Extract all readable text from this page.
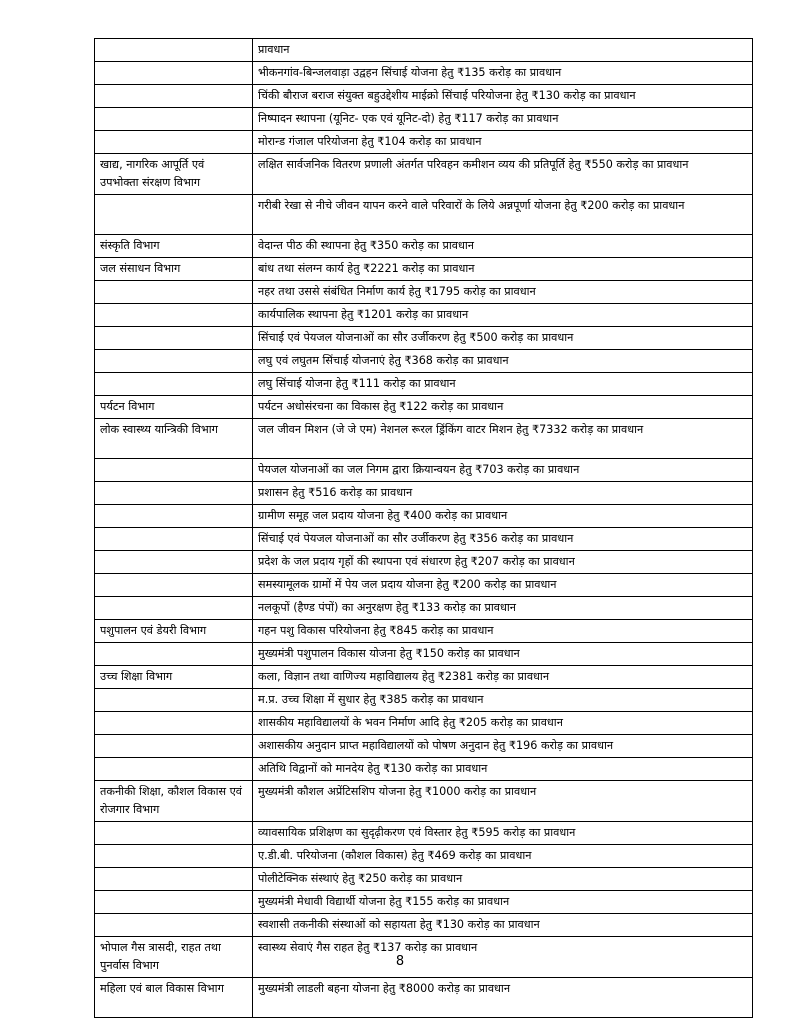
	प्रावधान
	भीकनगांव-बिन्जलवाड़ा उद्वहन सिंचाई योजना हेतु ₹135 करोड़ का प्रावधान
	चिंकी बौराज बराज संयुक्त बहुउद्देशीय माईक्रो सिंचाई परियोजना हेतु ₹130 करोड़ का प्रावधान
	निष्पादन स्थापना (यूनिट- एक एवं यूनिट-दो) हेतु ₹117 करोड़ का प्रावधान
	मोरान्ड गंजाल परियोजना हेतु ₹104 करोड़ का प्रावधान
खाद्य, नागरिक आपूर्ति एवं उपभोक्ता संरक्षण विभाग	लक्षित सार्वजनिक वितरण प्रणाली अंतर्गत परिवहन कमीशन व्यय की प्रतिपूर्ति हेतु ₹550 करोड़ का प्रावधान
	गरीबी रेखा से नीचे जीवन यापन करने वाले परिवारों के लिये अन्नपूर्णा योजना हेतु ₹200 करोड़ का प्रावधान
संस्कृति विभाग	वेदान्त पीठ की स्थापना हेतु ₹350 करोड़ का प्रावधान
जल संसाधन विभाग	बांध तथा संलग्न कार्य हेतु ₹2221 करोड़ का प्रावधान
	नहर तथा उससे संबंधित निर्माण कार्य हेतु ₹1795 करोड़ का प्रावधान
	कार्यपालिक स्थापना हेतु ₹1201 करोड़ का प्रावधान
	सिंचाई एवं पेयजल योजनाओं का सौर उर्जीकरण हेतु ₹500 करोड़ का प्रावधान
	लघु एवं लघुतम सिंचाई योजनाएं हेतु ₹368 करोड़ का प्रावधान
	लघु सिंचाई योजना हेतु ₹111 करोड़ का प्रावधान
पर्यटन विभाग	पर्यटन अधोसंरचना का विकास हेतु ₹122 करोड़ का प्रावधान
लोक स्वास्थ्य यान्त्रिकी विभाग	जल जीवन मिशन (जे जे एम) नेशनल रूरल ड्रिंकिंग वाटर मिशन हेतु ₹7332 करोड़ का प्रावधान
	पेयजल योजनाओं का जल निगम द्वारा क्रियान्वयन हेतु ₹703 करोड़ का प्रावधान
	प्रशासन हेतु ₹516 करोड़ का प्रावधान
	ग्रामीण समूह जल प्रदाय योजना हेतु ₹400 करोड़ का प्रावधान
	सिंचाई एवं पेयजल योजनाओं का सौर उर्जीकरण हेतु ₹356 करोड़ का प्रावधान
	प्रदेश के जल प्रदाय गृहों की स्थापना एवं संधारण हेतु ₹207 करोड़ का प्रावधान
	समस्यामूलक ग्रामों में पेय जल प्रदाय योजना हेतु ₹200 करोड़ का प्रावधान
	नलकूपों (हैण्ड पंपों) का अनुरक्षण हेतु ₹133 करोड़ का प्रावधान
पशुपालन एवं डेयरी विभाग	गहन पशु विकास परियोजना हेतु ₹845 करोड़ का प्रावधान
	मुख्यमंत्री पशुपालन विकास योजना हेतु ₹150 करोड़ का प्रावधान
उच्च शिक्षा विभाग	कला, विज्ञान तथा वाणिज्य महाविद्यालय हेतु ₹2381 करोड़ का प्रावधान
	म.प्र. उच्च शिक्षा में सुधार हेतु ₹385 करोड़ का प्रावधान
	शासकीय महाविद्यालयों के भवन निर्माण आदि हेतु ₹205 करोड़ का प्रावधान
	अशासकीय अनुदान प्राप्त महाविद्यालयों को पोषण अनुदान हेतु ₹196 करोड़ का प्रावधान
	अतिथि विद्वानों को मानदेय हेतु ₹130 करोड़ का प्रावधान
तकनीकी शिक्षा, कौशल विकास एवं रोजगार विभाग	मुख्यमंत्री कौशल अप्रेंटिसशिप योजना हेतु ₹1000 करोड़ का प्रावधान
	व्यावसायिक प्रशिक्षण का सुदृढ़ीकरण एवं विस्तार हेतु ₹595 करोड़ का प्रावधान
	ए.डी.बी. परियोजना (कौशल विकास) हेतु ₹469 करोड़ का प्रावधान
	पोलीटेक्निक संस्थाएं हेतु ₹250 करोड़ का प्रावधान
	मुख्यमंत्री मेधावी विद्यार्थी योजना हेतु ₹155 करोड़ का प्रावधान
	स्वशासी तकनीकी संस्थाओं को सहायता हेतु ₹130 करोड़ का प्रावधान
भोपाल गैस त्रासदी, राहत तथा पुनर्वास विभाग	स्वास्थ्य सेवाएं गैस राहत हेतु ₹137 करोड़ का प्रावधान
महिला एवं बाल विकास विभाग	मुख्यमंत्री लाडली बहना योजना हेतु ₹8000 करोड़ का प्रावधान
8
